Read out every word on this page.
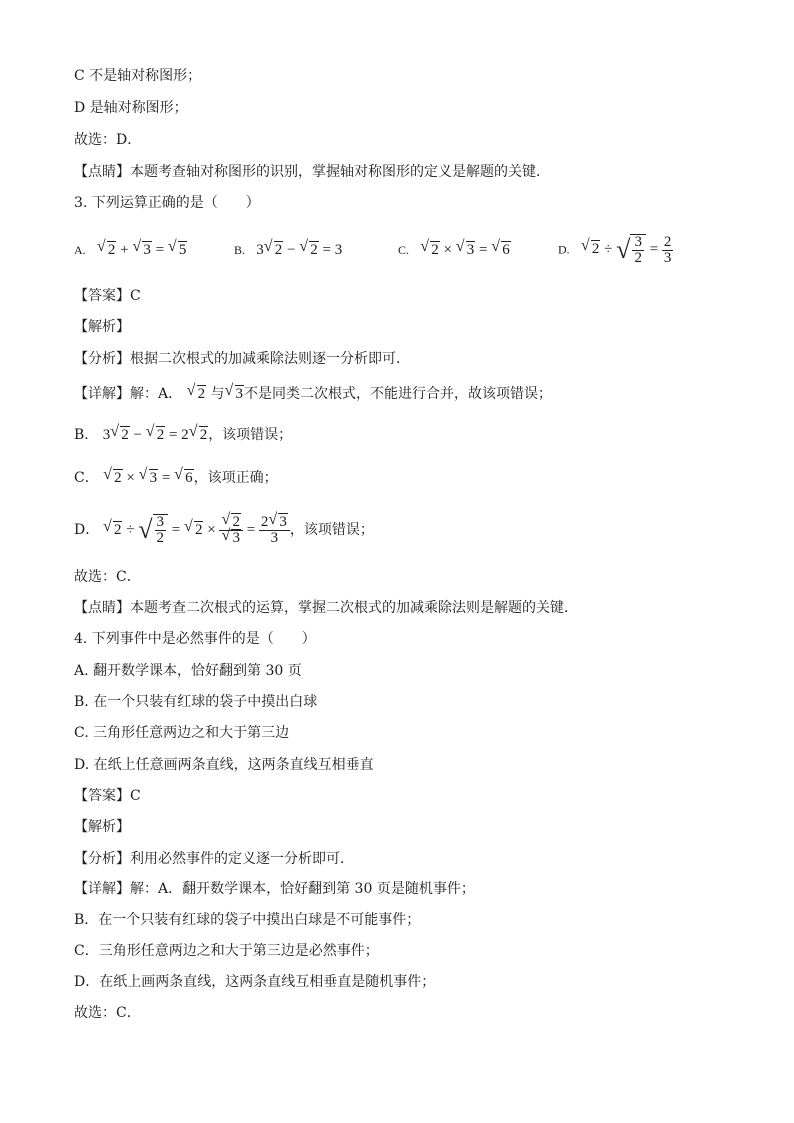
C 不是轴对称图形；
D 是轴对称图形；
故选：D．
【点睛】本题考查轴对称图形的识别，掌握轴对称图形的定义是解题的关键．
3. 下列运算正确的是（　　）
A. √ 2 + √ 3 = √ 5	B.   3 √ 2 − √ 2 = 3	C. √ 2 × √ 3 = √ 6	D. √ 2 ÷ √ $\frac{3}{2} = \frac{2}{3}$
【答案】C
【解析】
【分析】根据二次根式的加减乘除法则逐一分析即可．
【详解】解：A． √ 2 与 √ 3不是同类二次根式，不能进行合并，故该项错误；
B． 3 √ 2 − √ 2 = 2 √ 2，该项错误；
C． √ 2 × √ 3 = √ 6，该项正确；
D．
√ 2 ÷ √ $\frac{3}{2}$ = √ 2 × √ 2
√ $3 = \frac{2 √ 3}{3}$ ，该项错误；
故选：C．
【点睛】本题考查二次根式的运算，掌握二次根式的加减乘除法则是解题的关键．
4. 下列事件中是必然事件的是（　　）
A. 翻开数学课本，恰好翻到第 30 页
B. 在一个只装有红球的袋子中摸出白球
C. 三角形任意两边之和大于第三边
D. 在纸上任意画两条直线，这两条直线互相垂直
【答案】C
【解析】
【分析】利用必然事件的定义逐一分析即可．
【详解】解：A．翻开数学课本，恰好翻到第 30 页是随机事件；
B．在一个只装有红球的袋子中摸出白球是不可能事件；
C．三角形任意两边之和大于第三边是必然事件；
D．在纸上画两条直线，这两条直线互相垂直是随机事件；
故选：C．
